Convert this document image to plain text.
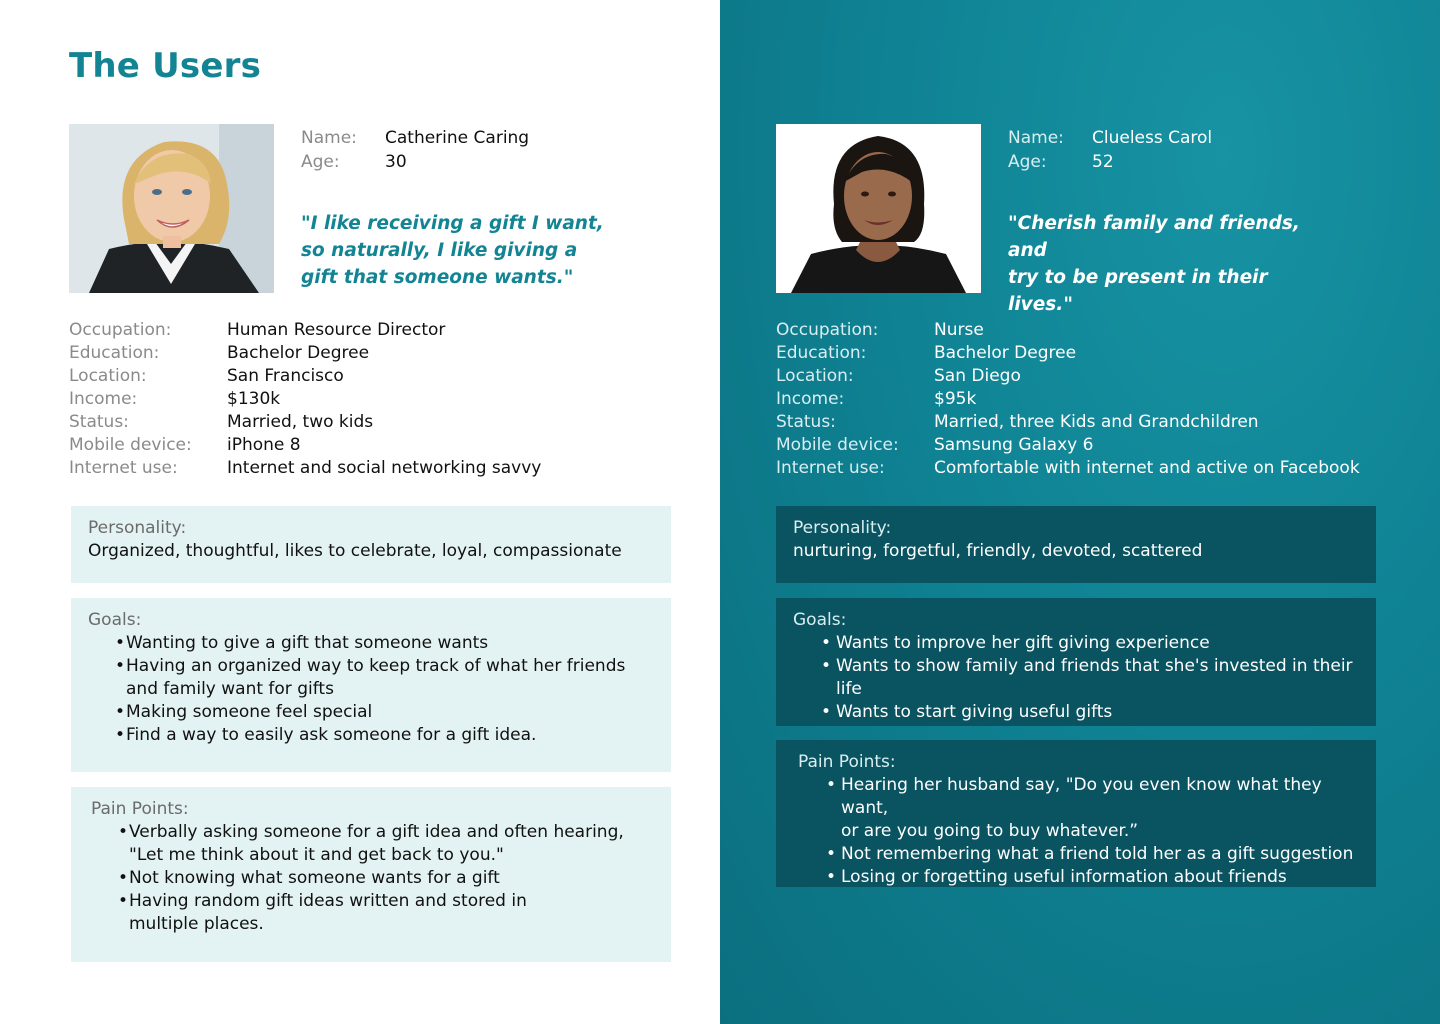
The Users
Name:	Catherine Caring
Age:	30
"I like receiving a gift I want,
so naturally, I like giving a
gift that someone wants."
Occupation:	Human Resource Director
Education:	Bachelor Degree
Location:	San Francisco
Income:	$130k
Status:	Married, two kids
Mobile device:	iPhone 8
Internet use:	Internet and social networking savvy
Personality:
Organized, thoughtful, likes to celebrate, loyal, compassionate
Goals:
• Wanting to give a gift that someone wants
• Having an organized way to keep track of what her friends
and family want for gifts
• Making someone feel special
• Find a way to easily ask someone for a gift idea.
Pain Points:
• Verbally asking someone for a gift idea and often hearing,
"Let me think about it and get back to you."
• Not knowing what someone wants for a gift
• Having random gift ideas written and stored in
multiple places.
Name:	Clueless Carol
Age:	52
"Cherish family and friends, and
try to be present in their lives."
Occupation:	Nurse
Education:	Bachelor Degree
Location:	San Diego
Income:	$95k
Status:	Married, three Kids and Grandchildren
Mobile device:	Samsung Galaxy 6
Internet use:	Comfortable with internet and active on Facebook
Personality:
nurturing, forgetful, friendly, devoted, scattered
Goals:
• Wants to improve her gift giving experience
• Wants to show family and friends that she's invested in their life
• Wants to start giving useful gifts
Pain Points:
• Hearing her husband say, "Do you even know what they want,
or are you going to buy whatever.”
• Not remembering what a friend told her as a gift suggestion
• Losing or forgetting useful information about friends
